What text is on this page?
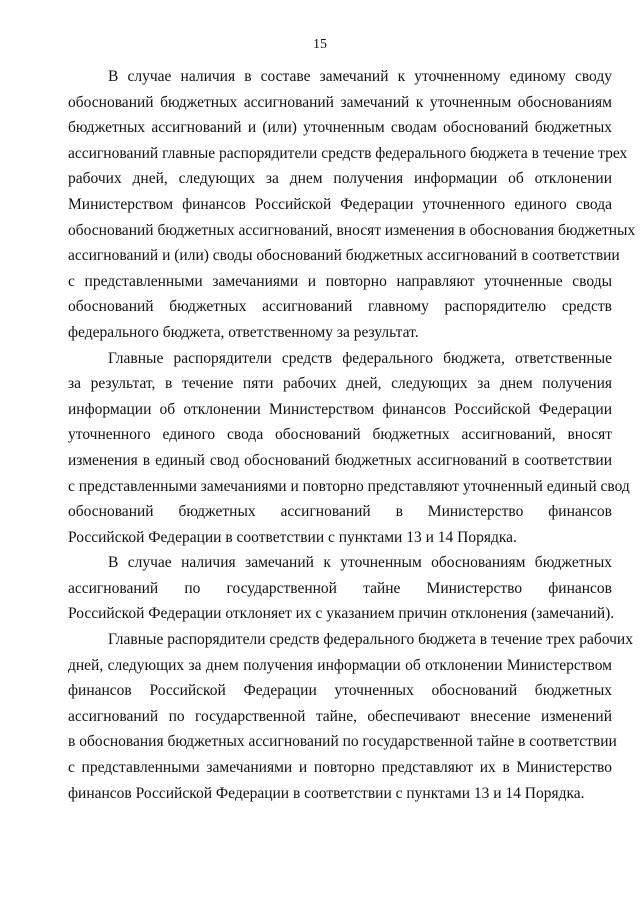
15

В случае наличия в составе замечаний к уточненному единому своду
обоснований бюджетных ассигнований замечаний к уточненным обоснованиям
бюджетных ассигнований и (или) уточненным сводам обоснований бюджетных
ассигнований главные распорядители средств федерального бюджета в течение трех
рабочих дней, следующих за днем получения информации об отклонении
Министерством финансов Российской Федерации уточненного единого свода
обоснований бюджетных ассигнований, вносят изменения в обоснования бюджетных
ассигнований и (или) своды обоснований бюджетных ассигнований в соответствии
с представленными замечаниями и повторно направляют уточненные своды
обоснований бюджетных ассигнований главному распорядителю средств
федерального бюджета, ответственному за результат.

Главные распорядители средств федерального бюджета, ответственные
за результат, в течение пяти рабочих дней, следующих за днем получения
информации об отклонении Министерством финансов Российской Федерации
уточненного единого свода обоснований бюджетных ассигнований, вносят
изменения в единый свод обоснований бюджетных ассигнований в соответствии
с представленными замечаниями и повторно представляют уточненный единый свод
обоснований бюджетных ассигнований в Министерство финансов
Российской Федерации в соответствии с пунктами 13 и 14 Порядка.

В случае наличия замечаний к уточненным обоснованиям бюджетных
ассигнований по государственной тайне Министерство финансов
Российской Федерации отклоняет их с указанием причин отклонения (замечаний).

Главные распорядители средств федерального бюджета в течение трех рабочих
дней, следующих за днем получения информации об отклонении Министерством
финансов Российской Федерации уточненных обоснований бюджетных
ассигнований по государственной тайне, обеспечивают внесение изменений
в обоснования бюджетных ассигнований по государственной тайне в соответствии
с представленными замечаниями и повторно представляют их в Министерство
финансов Российской Федерации в соответствии с пунктами 13 и 14 Порядка.
